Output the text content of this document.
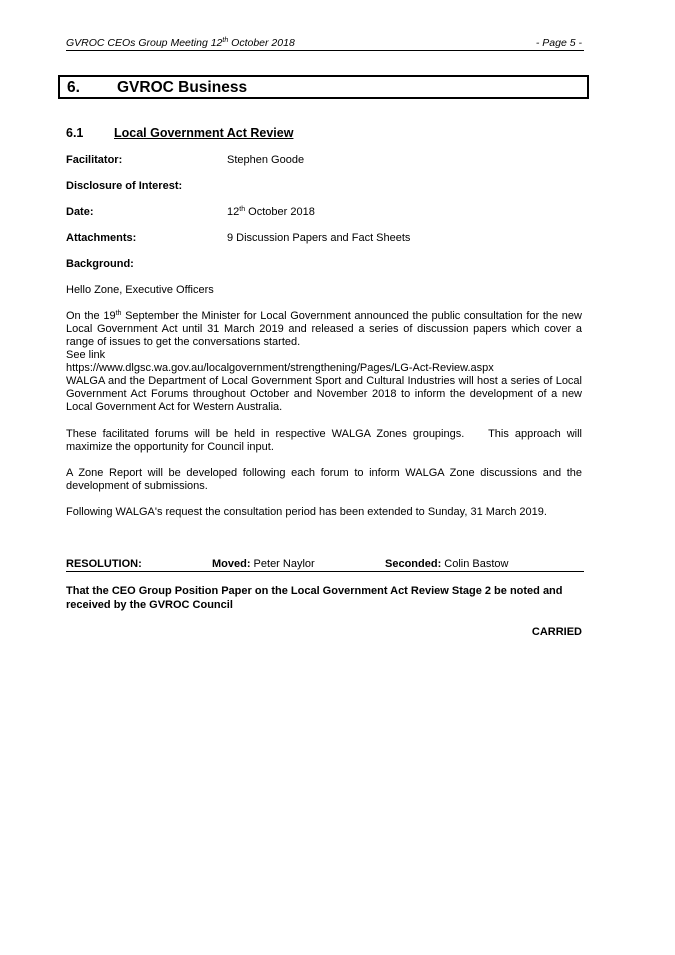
GVROC CEOs Group Meeting 12th October 2018	- Page 5 -
6. GVROC Business
6.1 Local Government Act Review
Facilitator:	Stephen Goode
Disclosure of Interest:
Date:	12th October 2018
Attachments:	9 Discussion Papers and Fact Sheets
Background:

Hello Zone, Executive Officers

On the 19th September the Minister for Local Government announced the public consultation for the new Local Government Act until 31 March 2019 and released a series of discussion papers which cover a range of issues to get the conversations started.

See link

https://www.dlgsc.wa.gov.au/localgovernment/strengthening/Pages/LG-Act-Review.aspx

WALGA and the Department of Local Government Sport and Cultural Industries will host a series of Local Government Act Forums throughout October and November 2018 to inform the development of a new Local Government Act for Western Australia.

These facilitated forums will be held in respective WALGA Zones groupings.    This approach will maximize the opportunity for Council input.

A Zone Report will be developed following each forum to inform WALGA Zone discussions and the development of submissions.

Following WALGA's request the consultation period has been extended to Sunday, 31 March 2019.

RESOLUTION:	Moved: Peter Naylor	Seconded: Colin Bastow
That the CEO Group Position Paper on the Local Government Act Review Stage 2 be noted and received by the GVROC Council
CARRIED
